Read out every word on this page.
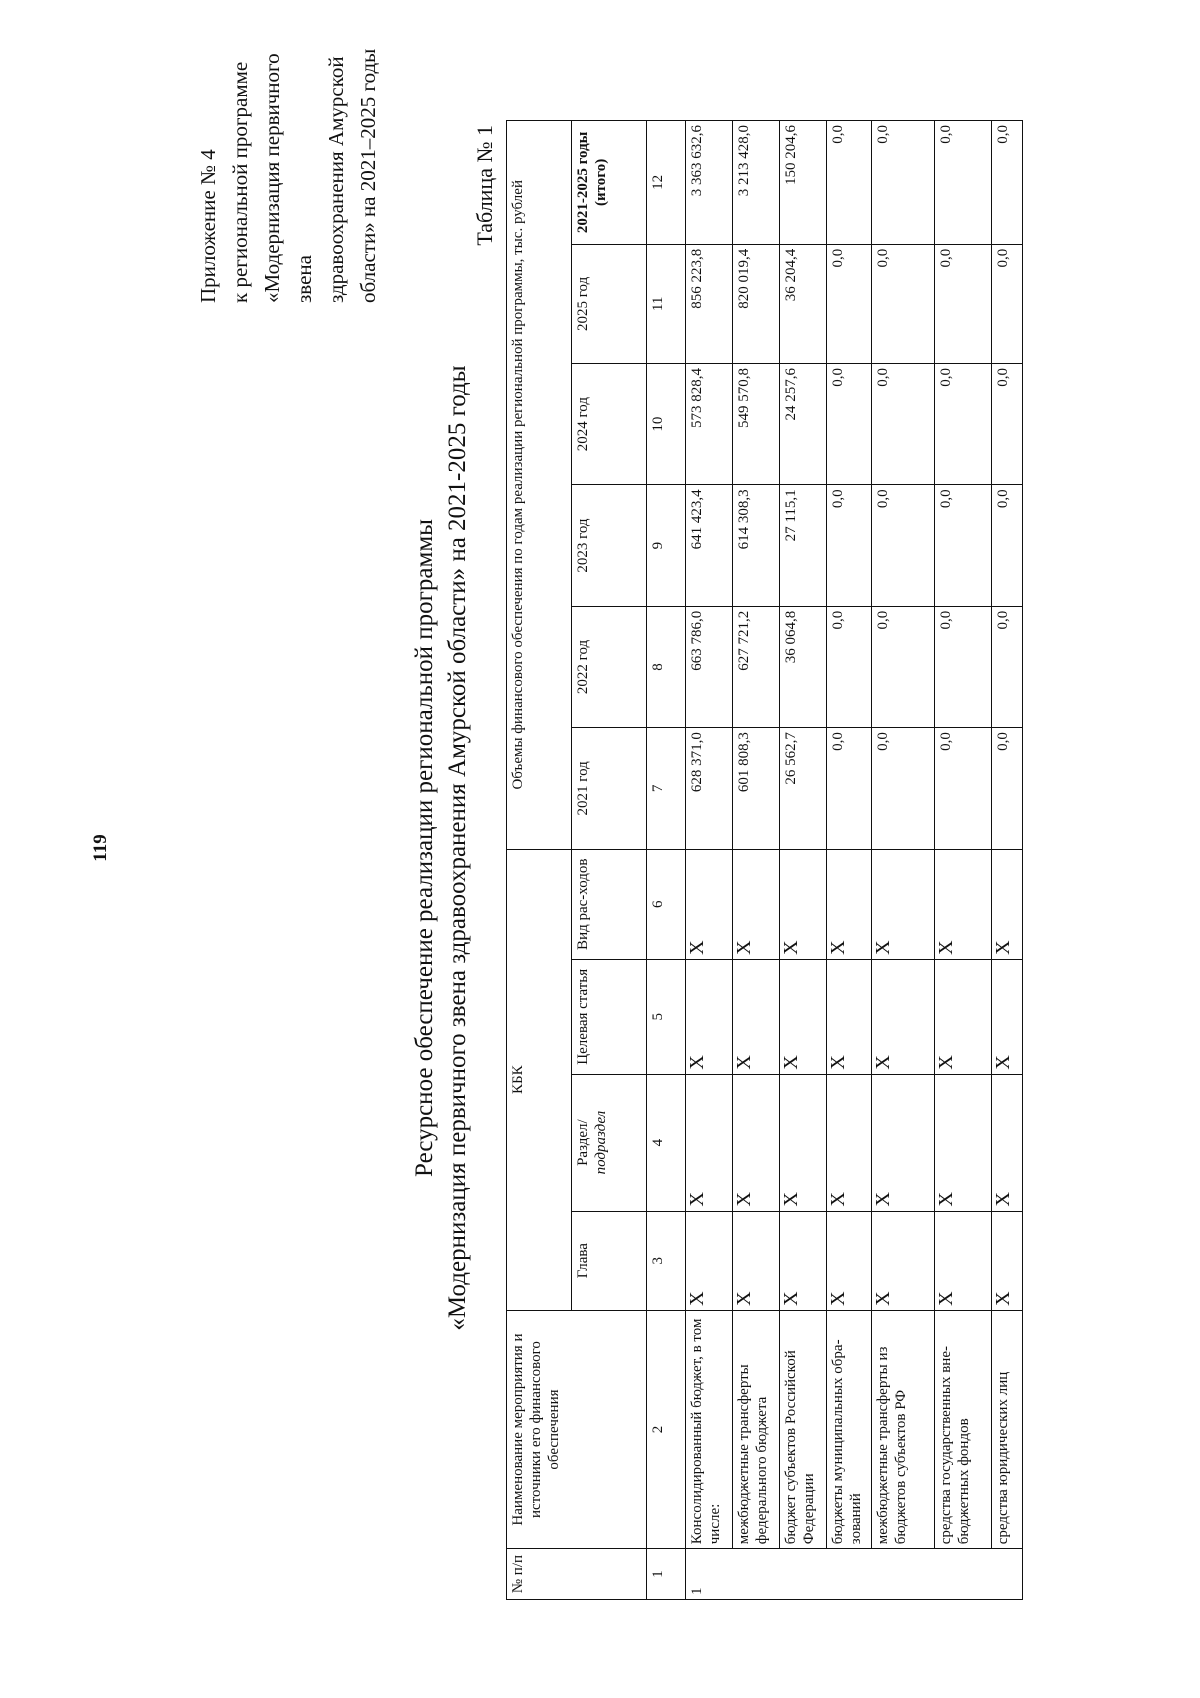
119
Приложение № 4 к региональной программе «Модернизация первичного звена здравоохранения Амурской области» на 2021–2025 годы
Ресурсное обеспечение реализации региональной программы «Модернизация первичного звена здравоохранения Амурской области» на 2021-2025 годы
Таблица № 1
№ п/п	Наименование мероприятия и источники его финансового обеспечения	КБК				Объемы финансового обеспечения по годам реализации региональной программы, тыс. рублей					
		Глава	Раздел/ подраздел	Целевая статья	Вид рас-ходов	2021 год	2022 год	2023 год	2024 год	2025 год	2021-2025 годы (итого)
1	2	3	4	5	6	7	8	9	10	11	12
1	Консолидированный бюджет, в том числе:	X	X	X	X	628 371,0	663 786,0	641 423,4	573 828,4	856 223,8	3 363 632,6
	межбюджетные трансферты федерального бюджета	X	X	X	X	601 808,3	627 721,2	614 308,3	549 570,8	820 019,4	3 213 428,0
	бюджет субъектов Российской Федерации	X	X	X	X	26 562,7	36 064,8	27 115,1	24 257,6	36 204,4	150 204,6
	бюджеты муниципальных обра-зований	X	X	X	X	0,0	0,0	0,0	0,0	0,0	0,0
	межбюджетные трансферты из бюджетов субъектов РФ	X	X	X	X	0,0	0,0	0,0	0,0	0,0	0,0
	средства государственных вне-бюджетных фондов	X	X	X	X	0,0	0,0	0,0	0,0	0,0	0,0
	средства юридических лиц	X	X	X	X	0,0	0,0	0,0	0,0	0,0	0,0
